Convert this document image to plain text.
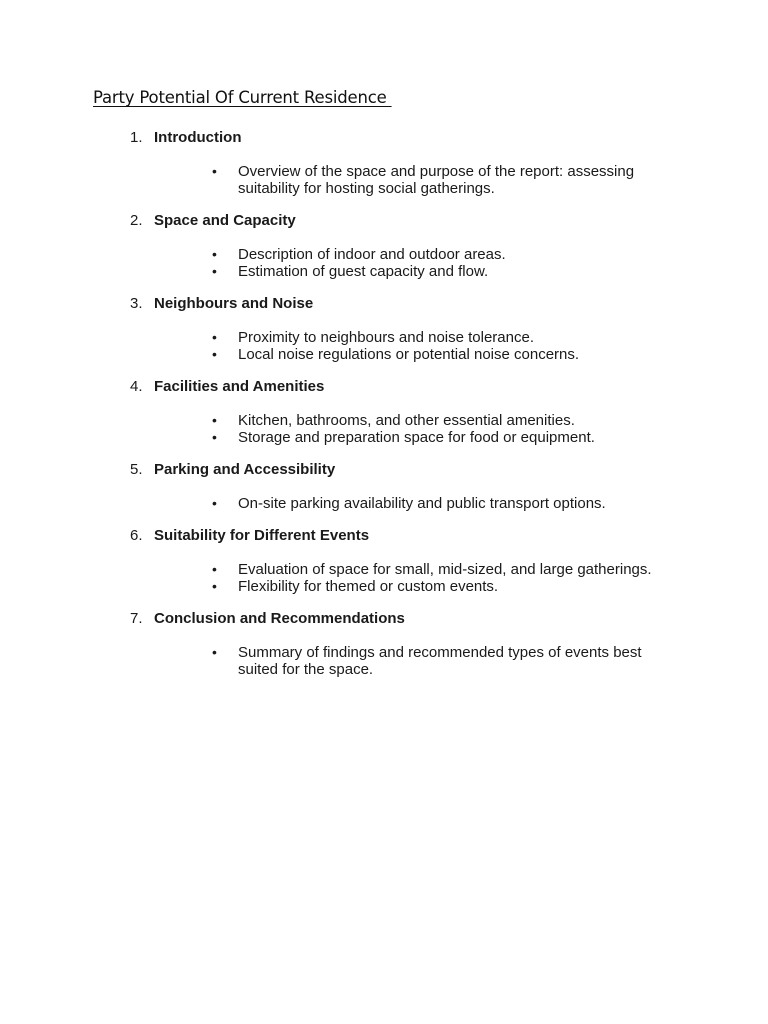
Party Potential Of Current Residence
1. Introduction
• Overview of the space and purpose of the report: assessing suitability for hosting social gatherings.
2. Space and Capacity
• Description of indoor and outdoor areas.
• Estimation of guest capacity and flow.
3. Neighbours and Noise
• Proximity to neighbours and noise tolerance.
• Local noise regulations or potential noise concerns.
4. Facilities and Amenities
• Kitchen, bathrooms, and other essential amenities.
• Storage and preparation space for food or equipment.
5. Parking and Accessibility
• On-site parking availability and public transport options.
6. Suitability for Different Events
• Evaluation of space for small, mid-sized, and large gatherings.
• Flexibility for themed or custom events.
7. Conclusion and Recommendations
• Summary of findings and recommended types of events best suited for the space.
